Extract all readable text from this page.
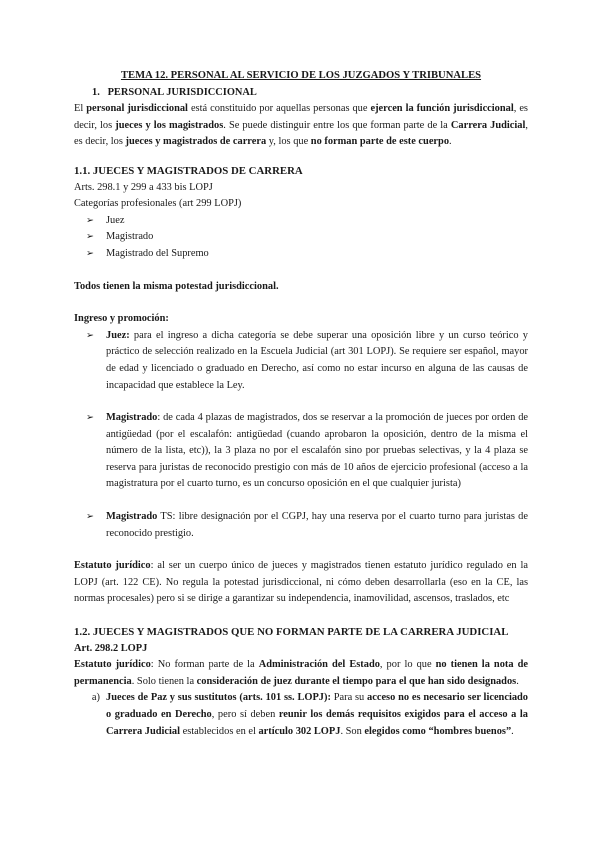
TEMA 12. PERSONAL AL SERVICIO DE LOS JUZGADOS Y TRIBUNALES

1.   PERSONAL JURISDICCIONAL

El personal jurisdiccional está constituido por aquellas personas que ejercen la función jurisdiccional, es decir, los jueces y los magistrados. Se puede distinguir entre los que forman parte de la Carrera Judicial, es decir, los jueces y magistrados de carrera y, los que no forman parte de este cuerpo.

1.1. JUECES Y MAGISTRADOS DE CARRERA

Arts. 298.1 y 299 a 433 bis LOPJ

Categorías profesionales (art 299 LOPJ)

➢	Juez
➢	Magistrado
➢	Magistrado del Supremo

Todos tienen la misma potestad jurisdiccional.

Ingreso y promoción:

➢	Juez: para el ingreso a dicha categoría se debe superar una oposición libre y un curso teórico y práctico de selección realizado en la Escuela Judicial (art 301 LOPJ). Se requiere ser español, mayor de edad y licenciado o graduado en Derecho, así como no estar incurso en alguna de las causas de incapacidad que establece la Ley.
➢	Magistrado: de cada 4 plazas de magistrados, dos se reservar a la promoción de jueces por orden de antigüedad (por el escalafón: antigüedad (cuando aprobaron la oposición, dentro de la misma el número de la lista, etc)), la 3 plaza no por el escalafón sino por pruebas selectivas, y la 4 plaza se reserva para juristas de reconocido prestigio con más de 10 años de ejercicio profesional (acceso a la magistratura por el cuarto turno, es un concurso oposición en el que cualquier jurista)
➢	Magistrado TS: libre designación por el CGPJ, hay una reserva por el cuarto turno para juristas de reconocido prestigio.

Estatuto jurídico: al ser un cuerpo único de jueces y magistrados tienen estatuto jurídico regulado en la LOPJ (art. 122 CE). No regula la potestad jurisdiccional, ni cómo deben desarrollarla (eso en la CE, las normas procesales) pero si se dirige a garantizar su independencia, inamovilidad, ascensos, traslados, etc

1.2. JUECES Y MAGISTRADOS QUE NO FORMAN PARTE DE LA CARRERA JUDICIAL

Art. 298.2 LOPJ

Estatuto jurídico: No forman parte de la Administración del Estado, por lo que no tienen la nota de permanencia. Solo tienen la consideración de juez durante el tiempo para el que han sido designados.

a) Jueces de Paz y sus sustitutos (arts. 101 ss. LOPJ): Para su acceso no es necesario ser licenciado o graduado en Derecho, pero sí deben reunir los demás requisitos exigidos para el acceso a la Carrera Judicial establecidos en el artículo 302 LOPJ. Son elegidos como “hombres buenos”.
